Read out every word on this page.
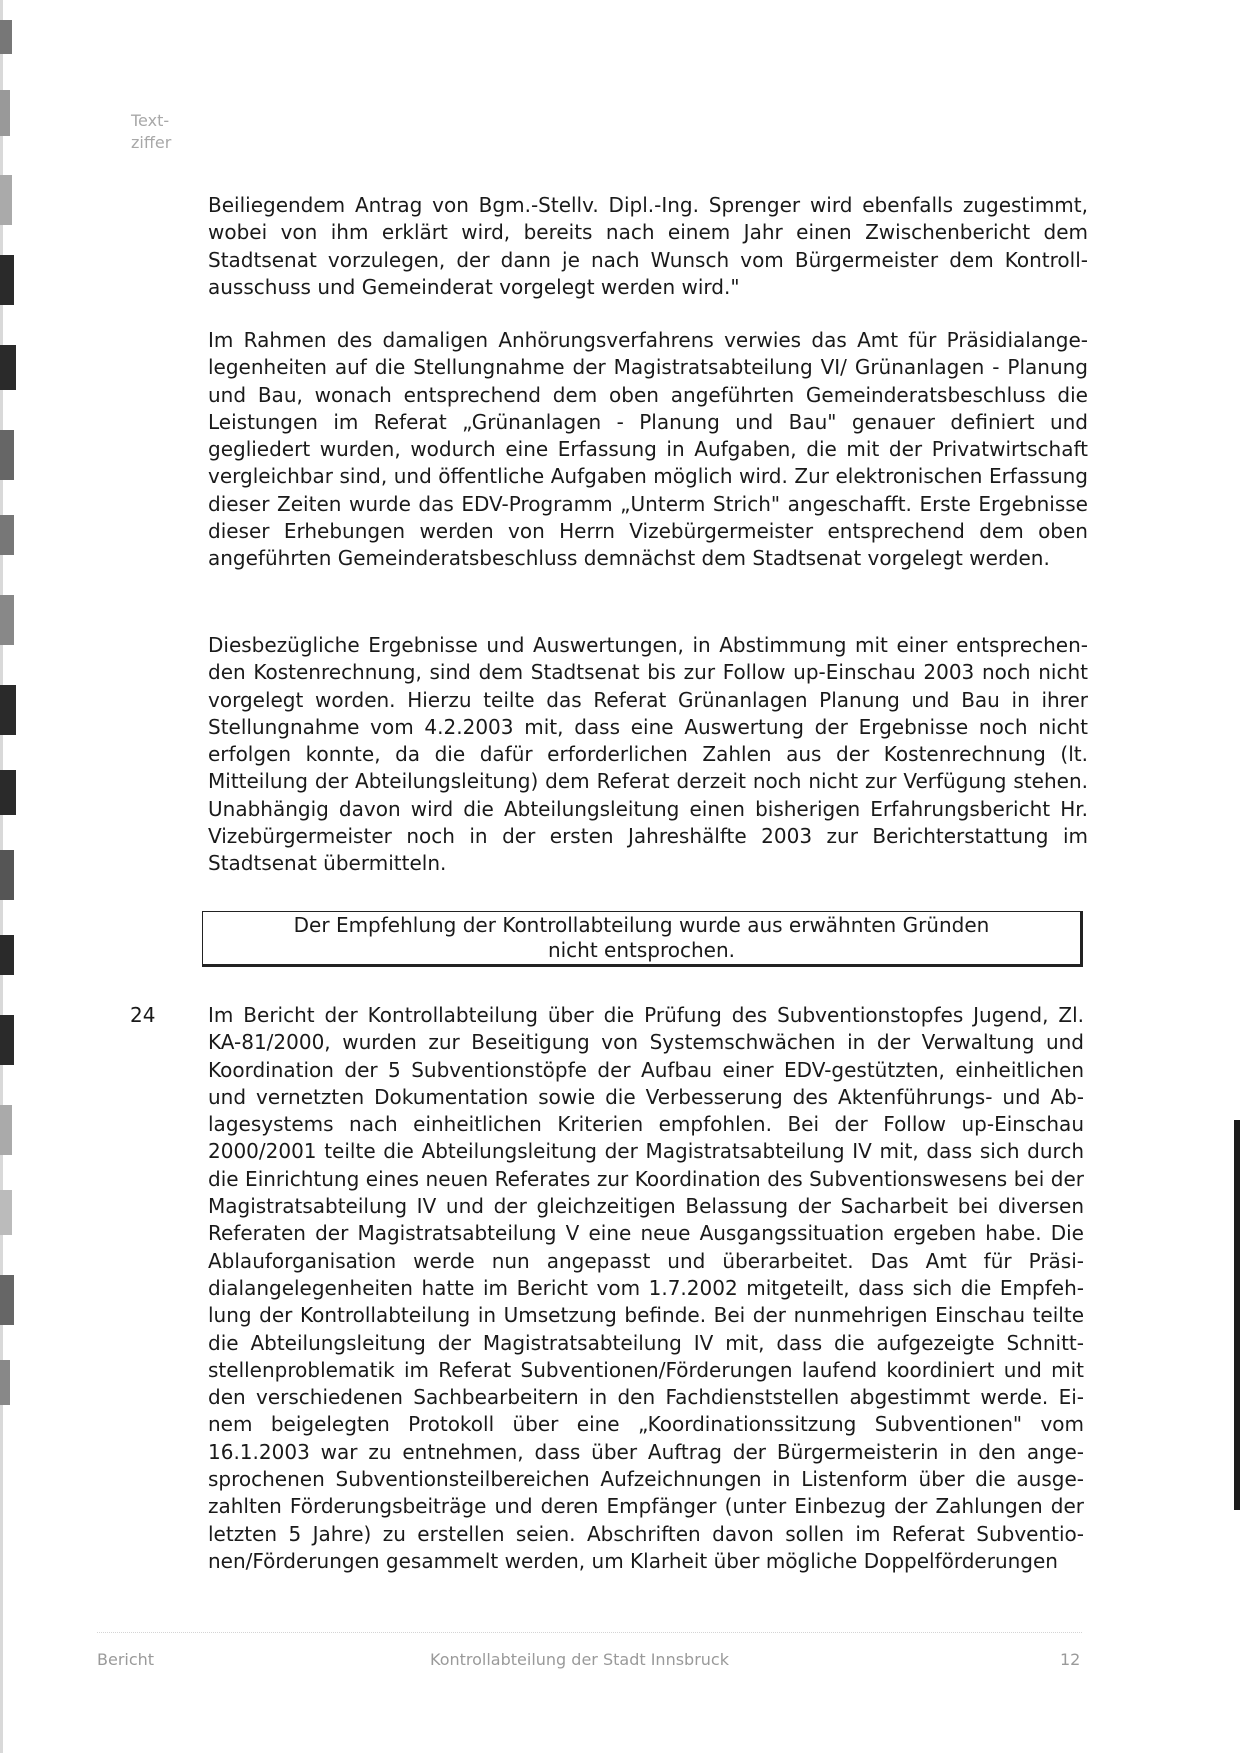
Text-
ziffer

Beiliegendem Antrag von Bgm.-Stellv. Dipl.-Ing. Sprenger wird ebenfalls zugestimmt, wobei von ihm erklärt wird, bereits nach einem Jahr einen Zwischenbericht dem Stadtsenat vorzulegen, der dann je nach Wunsch vom Bürgermeister dem Kontrollausschuss und Gemeinderat vorgelegt werden wird."

Im Rahmen des damaligen Anhörungsverfahrens verwies das Amt für Präsidialangelegenheiten auf die Stellungnahme der Magistratsabteilung VI/ Grünanlagen - Planung und Bau, wonach entsprechend dem oben angeführten Gemeinderatsbeschluss die Leistungen im Referat „Grünanlagen - Planung und Bau" genauer definiert und gegliedert wurden, wodurch eine Erfassung in Aufgaben, die mit der Privatwirtschaft vergleichbar sind, und öffentliche Aufgaben möglich wird. Zur elektronischen Erfassung dieser Zeiten wurde das EDV-Programm „Unterm Strich" angeschafft. Erste Ergebnisse dieser Erhebungen werden von Herrn Vizebürgermeister entsprechend dem oben angeführten Gemeinderatsbeschluss demnächst dem Stadtsenat vorgelegt werden.

Diesbezügliche Ergebnisse und Auswertungen, in Abstimmung mit einer entsprechenden Kostenrechnung, sind dem Stadtsenat bis zur Follow up-Einschau 2003 noch nicht vorgelegt worden. Hierzu teilte das Referat Grünanlagen Planung und Bau in ihrer Stellungnahme vom 4.2.2003 mit, dass eine Auswertung der Ergebnisse noch nicht erfolgen konnte, da die dafür erforderlichen Zahlen aus der Kostenrechnung (lt. Mitteilung der Abteilungsleitung) dem Referat derzeit noch nicht zur Verfügung stehen. Unabhängig davon wird die Abteilungsleitung einen bisherigen Erfahrungsbericht Hr. Vizebürgermeister noch in der ersten Jahreshälfte 2003 zur Berichterstattung im Stadtsenat übermitteln.

Der Empfehlung der Kontrollabteilung wurde aus erwähnten Gründen
nicht entsprochen.
24	Im Bericht der Kontrollabteilung über die Prüfung des Subventionstopfes Jugend, Zl. KA-81/2000, wurden zur Beseitigung von Systemschwächen in der Verwaltung und Koordination der 5 Subventionstöpfe der Aufbau einer EDV-gestützten, einheitlichen und vernetzten Dokumentation sowie die Verbesserung des Aktenführungs- und Ablagesystems nach einheitlichen Kriterien empfohlen. Bei der Follow up-Einschau 2000/2001 teilte die Abteilungsleitung der Magistratsabteilung IV mit, dass sich durch die Einrichtung eines neuen Referates zur Koordination des Subventionswesens bei der Magistratsabteilung IV und der gleichzeitigen Belassung der Sacharbeit bei diversen Referaten der Magistratsabteilung V eine neue Ausgangssituation ergeben habe. Die Ablauforganisation werde nun angepasst und überarbeitet. Das Amt für Präsidialangelegenheiten hatte im Bericht vom 1.7.2002 mitgeteilt, dass sich die Empfehlung der Kontrollabteilung in Umsetzung befinde. Bei der nunmehrigen Einschau teilte die Abteilungsleitung der Magistratsabteilung IV mit, dass die aufgezeigte Schnittstellenproblematik im Referat Subventionen/Förderungen laufend koordiniert und mit den verschiedenen Sachbearbeitern in den Fachdienststellen abgestimmt werde. Einem beigelegten Protokoll über eine „Koordinationssitzung Subventionen" vom 16.1.2003 war zu entnehmen, dass über Auftrag der Bürgermeisterin in den angesprochenen Subventionsteilbereichen Aufzeichnungen in Listenform über die ausgezahlten Förderungsbeiträge und deren Empfänger (unter Einbezug der Zahlungen der letzten 5 Jahre) zu erstellen seien. Abschriften davon sollen im Referat Subventionen/Förderungen gesammelt werden, um Klarheit über mögliche Doppelförderungen

Bericht	Kontrollabteilung der Stadt Innsbruck	12
